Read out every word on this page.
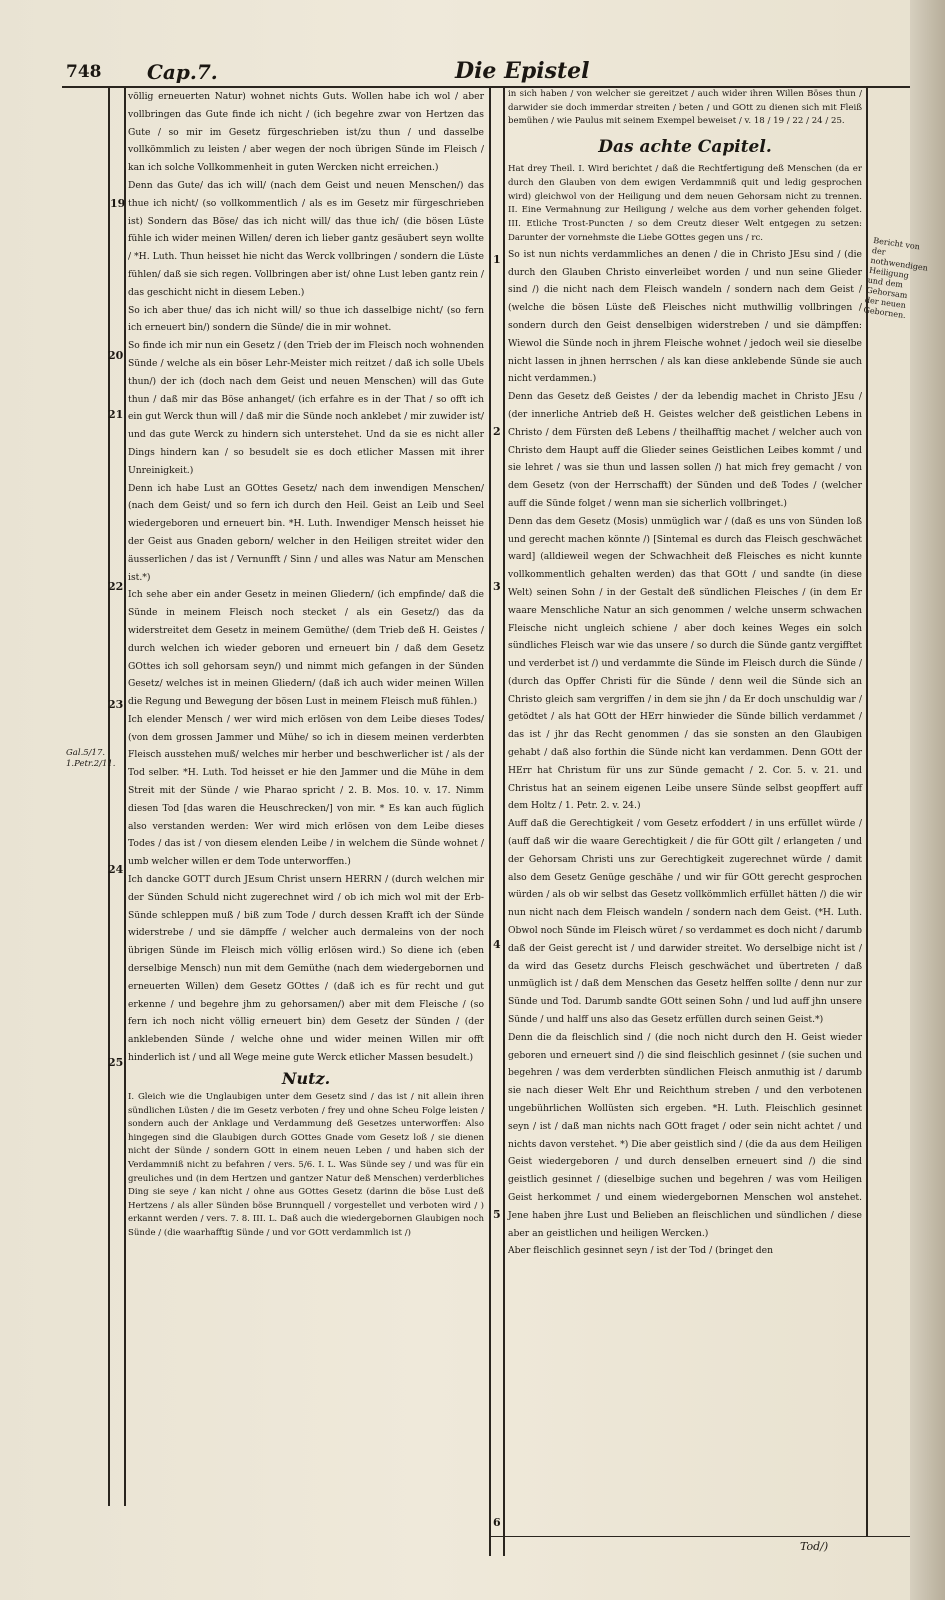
748 Cap.7.	Die Epistel
Gal.5/17.
1.Petr.2/11.
Bericht von der nothwendigen Heiligung und dem Gehorsam der neuen Gebornen.
19
20
21
22
23
24
25
1
2
3
4
5
6

völlig erneuerten Natur) wohnet nichts Guts. Wollen habe ich wol / aber vollbringen das Gute finde ich nicht / (ich begehre zwar von Hertzen das Gute / so mir im Gesetz fürgeschrieben ist/zu thun / und dasselbe vollkömmlich zu leisten / aber wegen der noch übrigen Sünde im Fleisch / kan ich solche Vollkommenheit in guten Wercken nicht erreichen.)

Denn das Gute/ das ich will/ (nach dem Geist und neuen Menschen/) das thue ich nicht/ (so vollkommentlich / als es im Gesetz mir fürgeschrieben ist) Sondern das Böse/ das ich nicht will/ das thue ich/ (die bösen Lüste fühle ich wider meinen Willen/ deren ich lieber gantz gesäubert seyn wollte / *H. Luth. Thun heisset hie nicht das Werck vollbringen / sondern die Lüste fühlen/ daß sie sich regen. Vollbringen aber ist/ ohne Lust leben gantz rein / das geschicht nicht in diesem Leben.)

So ich aber thue/ das ich nicht will/ so thue ich dasselbige nicht/ (so fern ich erneuert bin/) sondern die Sünde/ die in mir wohnet.

So finde ich mir nun ein Gesetz / (den Trieb der im Fleisch noch wohnenden Sünde / welche als ein böser Lehr-Meister mich reitzet / daß ich solle Ubels thun/) der ich (doch nach dem Geist und neuen Menschen) will das Gute thun / daß mir das Böse anhanget/ (ich erfahre es in der That / so offt ich ein gut Werck thun will / daß mir die Sünde noch anklebet / mir zuwider ist/ und das gute Werck zu hindern sich unterstehet. Und da sie es nicht aller Dings hindern kan / so besudelt sie es doch etlicher Massen mit ihrer Unreinigkeit.)

Denn ich habe Lust an GOttes Gesetz/ nach dem inwendigen Menschen/ (nach dem Geist/ und so fern ich durch den Heil. Geist an Leib und Seel wiedergeboren und erneuert bin. *H. Luth. Inwendiger Mensch heisset hie der Geist aus Gnaden geborn/ welcher in den Heiligen streitet wider den äusserlichen / das ist / Vernunfft / Sinn / und alles was Natur am Menschen ist.*)

Ich sehe aber ein ander Gesetz in meinen Gliedern/ (ich empfinde/ daß die Sünde in meinem Fleisch noch stecket / als ein Gesetz/) das da widerstreitet dem Gesetz in meinem Gemüthe/ (dem Trieb deß H. Geistes / durch welchen ich wieder geboren und erneuert bin / daß dem Gesetz GOttes ich soll gehorsam seyn/) und nimmt mich gefangen in der Sünden Gesetz/ welches ist in meinen Gliedern/ (daß ich auch wider meinen Willen die Regung und Bewegung der bösen Lust in meinem Fleisch muß fühlen.)

Ich elender Mensch / wer wird mich erlösen von dem Leibe dieses Todes/ (von dem grossen Jammer und Mühe/ so ich in diesem meinen verderbten Fleisch ausstehen muß/ welches mir herber und beschwerlicher ist / als der Tod selber. *H. Luth. Tod heisset er hie den Jammer und die Mühe in dem Streit mit der Sünde / wie Pharao spricht / 2. B. Mos. 10. v. 17. Nimm diesen Tod [das waren die Heuschrecken/] von mir. * Es kan auch füglich also verstanden werden: Wer wird mich erlösen von dem Leibe dieses Todes / das ist / von diesem elenden Leibe / in welchem die Sünde wohnet / umb welcher willen er dem Tode unterworffen.)

Ich dancke GOTT durch JEsum Christ unsern HERRN / (durch welchen mir der Sünden Schuld nicht zugerechnet wird / ob ich mich wol mit der Erb-Sünde schleppen muß / biß zum Tode / durch dessen Krafft ich der Sünde widerstrebe / und sie dämpffe / welcher auch dermaleins von der noch übrigen Sünde im Fleisch mich völlig erlösen wird.) So diene ich (eben derselbige Mensch) nun mit dem Gemüthe (nach dem wiedergebornen und erneuerten Willen) dem Gesetz GOttes / (daß ich es für recht und gut erkenne / und begehre jhm zu gehorsamen/) aber mit dem Fleische / (so fern ich noch nicht völlig erneuert bin) dem Gesetz der Sünden / (der anklebenden Sünde / welche ohne und wider meinen Willen mir offt hinderlich ist / und all Wege meine gute Werck etlicher Massen besudelt.)

Nutz.

I. Gleich wie die Unglaubigen unter dem Gesetz sind / das ist / nit allein ihren sündlichen Lüsten / die im Gesetz verboten / frey und ohne Scheu Folge leisten / sondern auch der Anklage und Verdammung deß Gesetzes unterworffen: Also hingegen sind die Glaubigen durch GOttes Gnade vom Gesetz loß / sie dienen nicht der Sünde / sondern GOtt in einem neuen Leben / und haben sich der Verdammniß nicht zu befahren / vers. 5/6. I. L. Was Sünde sey / und was für ein greuliches und (in dem Hertzen und gantzer Natur deß Menschen) verderbliches Ding sie seye / kan nicht / ohne aus GOttes Gesetz (darinn die böse Lust deß Hertzens / als aller Sünden böse Brunnquell / vorgestellet und verboten wird / ) erkannt werden / vers. 7. 8. III. L. Daß auch die wiedergebornen Glaubigen noch Sünde / (die waarhafftig Sünde / und vor GOtt verdammlich ist /)

in sich haben / von welcher sie gereitzet / auch wider ihren Willen Böses thun / darwider sie doch immerdar streiten / beten / und GOtt zu dienen sich mit Fleiß bemühen / wie Paulus mit seinem Exempel beweiset / v. 18 / 19 / 22 / 24 / 25.

Das achte Capitel.

Hat drey Theil. I. Wird berichtet / daß die Rechtfertigung deß Menschen (da er durch den Glauben von dem ewigen Verdammniß quit und ledig gesprochen wird) gleichwol von der Heiligung und dem neuen Gehorsam nicht zu trennen. II. Eine Vermahnung zur Heiligung / welche aus dem vorher gehenden folget. III. Etliche Trost-Puncten / so dem Creutz dieser Welt entgegen zu setzen: Darunter der vornehmste die Liebe GOttes gegen uns / rc.

So ist nun nichts verdammliches an denen / die in Christo JEsu sind / (die durch den Glauben Christo einverleibet worden / und nun seine Glieder sind /) die nicht nach dem Fleisch wandeln / sondern nach dem Geist / (welche die bösen Lüste deß Fleisches nicht muthwillig vollbringen / sondern durch den Geist denselbigen widerstreben / und sie dämpffen: Wiewol die Sünde noch in jhrem Fleische wohnet / jedoch weil sie dieselbe nicht lassen in jhnen herrschen / als kan diese anklebende Sünde sie auch nicht verdammen.)

Denn das Gesetz deß Geistes / der da lebendig machet in Christo JEsu / (der innerliche Antrieb deß H. Geistes welcher deß geistlichen Lebens in Christo / dem Fürsten deß Lebens / theilhafftig machet / welcher auch von Christo dem Haupt auff die Glieder seines Geistlichen Leibes kommt / und sie lehret / was sie thun und lassen sollen /) hat mich frey gemacht / von dem Gesetz (von der Herrschafft) der Sünden und deß Todes / (welcher auff die Sünde folget / wenn man sie sicherlich vollbringet.)

Denn das dem Gesetz (Mosis) unmüglich war / (daß es uns von Sünden loß und gerecht machen könnte /) [Sintemal es durch das Fleisch geschwächet ward] (alldieweil wegen der Schwachheit deß Fleisches es nicht kunnte vollkommentlich gehalten werden) das that GOtt / und sandte (in diese Welt) seinen Sohn / in der Gestalt deß sündlichen Fleisches / (in dem Er waare Menschliche Natur an sich genommen / welche unserm schwachen Fleische nicht ungleich schiene / aber doch keines Weges ein solch sündliches Fleisch war wie das unsere / so durch die Sünde gantz vergifftet und verderbet ist /) und verdammte die Sünde im Fleisch durch die Sünde / (durch das Opffer Christi für die Sünde / denn weil die Sünde sich an Christo gleich sam vergriffen / in dem sie jhn / da Er doch unschuldig war / getödtet / als hat GOtt der HErr hinwieder die Sünde billich verdammet / das ist / jhr das Recht genommen / das sie sonsten an den Glaubigen gehabt / daß also forthin die Sünde nicht kan verdammen. Denn GOtt der HErr hat Christum für uns zur Sünde gemacht / 2. Cor. 5. v. 21. und Christus hat an seinem eigenen Leibe unsere Sünde selbst geopffert auff dem Holtz / 1. Petr. 2. v. 24.)

Auff daß die Gerechtigkeit / vom Gesetz erfoddert / in uns erfüllet würde / (auff daß wir die waare Gerechtigkeit / die für GOtt gilt / erlangeten / und der Gehorsam Christi uns zur Gerechtigkeit zugerechnet würde / damit also dem Gesetz Genüge geschähe / und wir für GOtt gerecht gesprochen würden / als ob wir selbst das Gesetz vollkömmlich erfüllet hätten /) die wir nun nicht nach dem Fleisch wandeln / sondern nach dem Geist. (*H. Luth. Obwol noch Sünde im Fleisch würet / so verdammet es doch nicht / darumb daß der Geist gerecht ist / und darwider streitet. Wo derselbige nicht ist / da wird das Gesetz durchs Fleisch geschwächet und übertreten / daß unmüglich ist / daß dem Menschen das Gesetz helffen sollte / denn nur zur Sünde und Tod. Darumb sandte GOtt seinen Sohn / und lud auff jhn unsere Sünde / und halff uns also das Gesetz erfüllen durch seinen Geist.*)

Denn die da fleischlich sind / (die noch nicht durch den H. Geist wieder geboren und erneuert sind /) die sind fleischlich gesinnet / (sie suchen und begehren / was dem verderbten sündlichen Fleisch anmuthig ist / darumb sie nach dieser Welt Ehr und Reichthum streben / und den verbotenen ungebührlichen Wollüsten sich ergeben. *H. Luth. Fleischlich gesinnet seyn / ist / daß man nichts nach GOtt fraget / oder sein nicht achtet / und nichts davon verstehet. *) Die aber geistlich sind / (die da aus dem Heiligen Geist wiedergeboren / und durch denselben erneuert sind /) die sind geistlich gesinnet / (dieselbige suchen und begehren / was vom Heiligen Geist herkommet / und einem wiedergebornen Menschen wol anstehet. Jene haben jhre Lust und Belieben an fleischlichen und sündlichen / diese aber an geistlichen und heiligen Wercken.)

Aber fleischlich gesinnet seyn / ist der Tod / (bringet den

Tod/)
